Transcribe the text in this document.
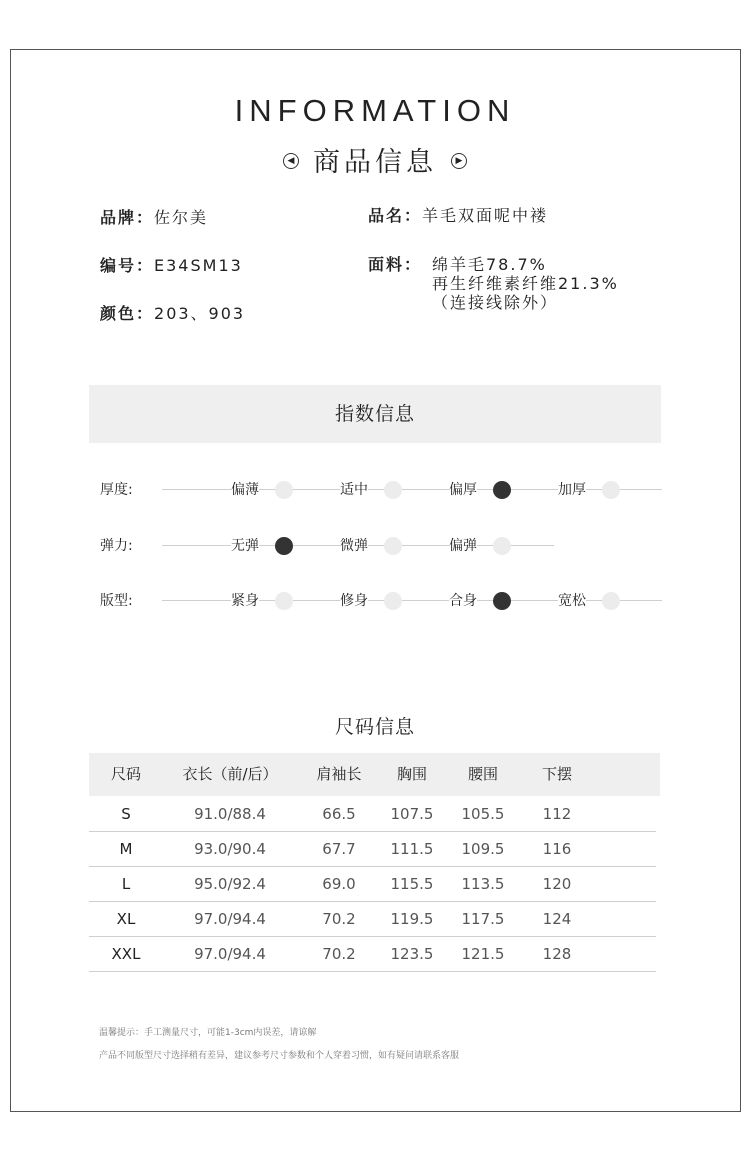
INFORMATION
◀ 商品信息 ▶
品牌：佐尔美
编号：E34SM13
颜色：203、903
品名：羊毛双面呢中褛
面料： 绵羊毛78.7%
再生纤维素纤维21.3%
（连接线除外）
指数信息
厚度:	偏薄	适中	偏厚	加厚
弹力:	无弹	微弹	偏弹
版型:	紧身	修身	合身	宽松
尺码信息
尺码	衣长（前/后）	肩袖长	胸围	腰围	下摆
S	91.0/88.4	66.5	107.5	105.5	112
M	93.0/90.4	67.7	111.5	109.5	116
L	95.0/92.4	69.0	115.5	113.5	120
XL	97.0/94.4	70.2	119.5	117.5	124
XXL	97.0/94.4	70.2	123.5	121.5	128
温馨提示：手工测量尺寸，可能1-3cm内误差，请谅解
产品不同版型尺寸选择稍有差异，建议参考尺寸参数和个人穿着习惯，如有疑问请联系客服
